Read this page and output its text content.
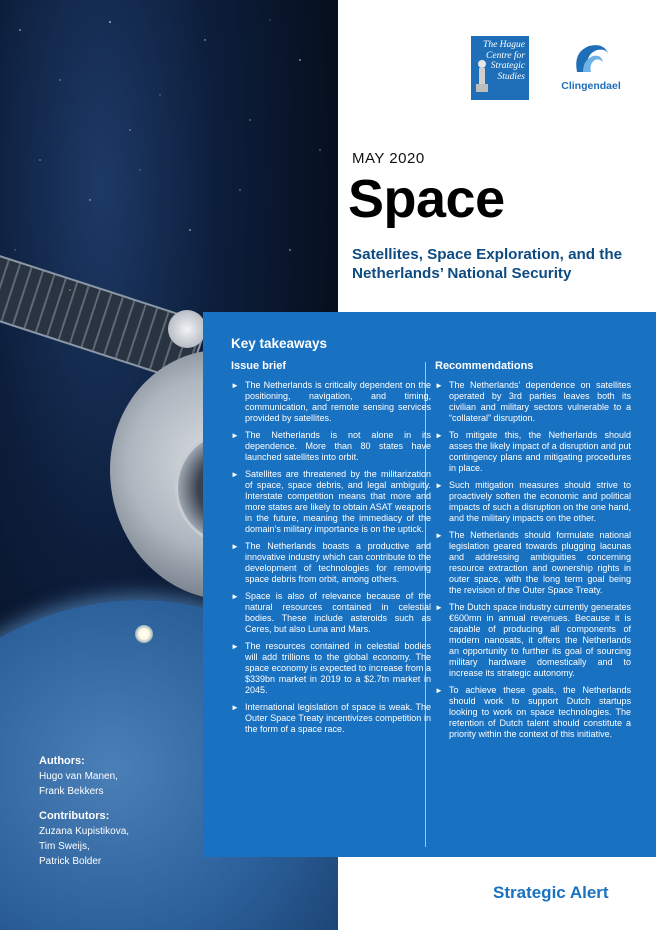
The Hague
Centre for
Strategic
Studies
Clingendael
MAY 2020
Space
Satellites, Space Exploration, and the Netherlands’ National Security
Key takeaways
Issue brief
► The Netherlands is critically dependent on the positioning, navigation, and timing, communication, and remote sensing services provided by satellites.
► The Netherlands is not alone in its dependence. More than 80 states have launched satellites into orbit.
► Satellites are threatened by the militarization of space, space debris, and legal ambiguity. Interstate competition means that more and more states are likely to obtain ASAT weapons in the future, meaning the immediacy of the domain’s military importance is on the uptick.
► The Netherlands boasts a productive and innovative industry which can contribute to the development of technologies for removing space debris from orbit, among others.
► Space is also of relevance because of the natural resources contained in celestial bodies. These include asteroids such as Ceres, but also Luna and Mars.
► The resources contained in celestial bodies will add trillions to the global economy. The space economy is expected to increase from a $339bn market in 2019 to a $2.7tn market in 2045.
► International legislation of space is weak. The Outer Space Treaty incentivizes competition in the form of a space race.
Recommendations
► The Netherlands’ dependence on satellites operated by 3rd parties leaves both its civilian and military sectors vulnerable to a “collateral” disruption.
► To mitigate this, the Netherlands should asses the likely impact of a disruption and put contingency plans and mitigating procedures in place.
► Such mitigation measures should strive to proactively soften the economic and political impacts of such a disruption on the one hand, and the military impacts on the other.
► The Netherlands should formulate national legislation geared towards plugging lacunas and addressing ambiguities concerning resource extraction and ownership rights in outer space, with the long term goal being the revision of the Outer Space Treaty.
► The Dutch space industry currently generates €600mn in annual revenues. Because it is capable of producing all components of modern nanosats, it offers the Netherlands an opportunity to further its goal of sourcing military hardware domestically and to increase its strategic autonomy.
► To achieve these goals, the Netherlands should work to support Dutch startups looking to work on space technologies. The retention of Dutch talent should constitute a priority within the context of this initiative.
Authors:
Hugo van Manen,
Frank Bekkers
Contributors:
Zuzana Kupistikova,
Tim Sweijs,
Patrick Bolder
Strategic Alert
